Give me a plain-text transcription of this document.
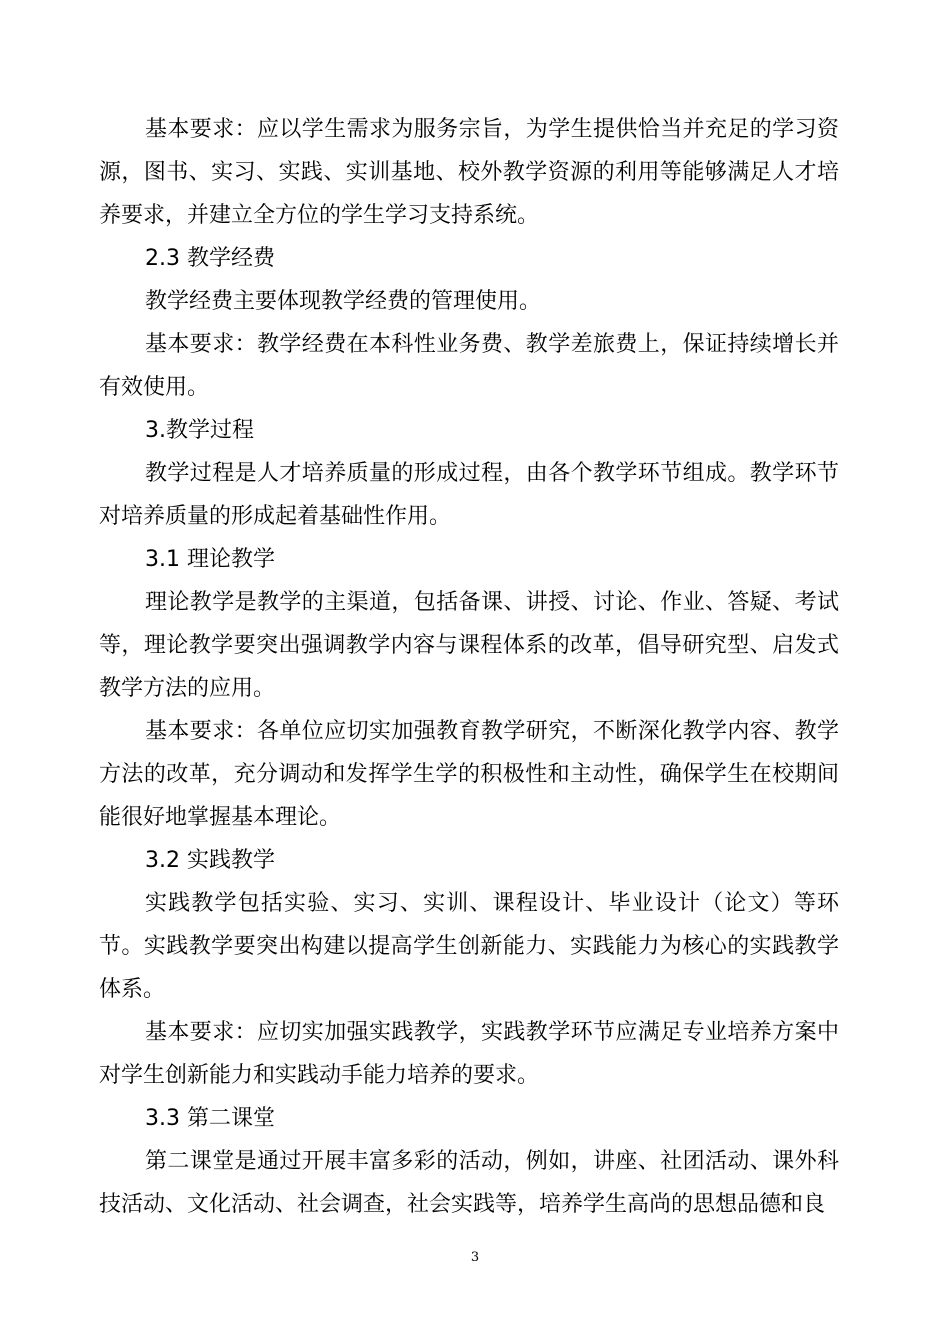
基本要求：应以学生需求为服务宗旨，为学生提供恰当并充足的学习资源，图书、实习、实践、实训基地、校外教学资源的利用等能够满足人才培养要求，并建立全方位的学生学习支持系统。

2.3 教学经费

教学经费主要体现教学经费的管理使用。

基本要求：教学经费在本科性业务费、教学差旅费上，保证持续增长并有效使用。

3.教学过程

教学过程是人才培养质量的形成过程，由各个教学环节组成。教学环节对培养质量的形成起着基础性作用。

3.1 理论教学

理论教学是教学的主渠道，包括备课、讲授、讨论、作业、答疑、考试等，理论教学要突出强调教学内容与课程体系的改革，倡导研究型、启发式教学方法的应用。

基本要求：各单位应切实加强教育教学研究，不断深化教学内容、教学方法的改革，充分调动和发挥学生学的积极性和主动性，确保学生在校期间能很好地掌握基本理论。

3.2 实践教学

实践教学包括实验、实习、实训、课程设计、毕业设计（论文）等环节。实践教学要突出构建以提高学生创新能力、实践能力为核心的实践教学体系。

基本要求：应切实加强实践教学，实践教学环节应满足专业培养方案中对学生创新能力和实践动手能力培养的要求。

3.3 第二课堂

第二课堂是通过开展丰富多彩的活动，例如，讲座、社团活动、课外科技活动、文化活动、社会调查，社会实践等，培养学生高尚的思想品德和良

3
